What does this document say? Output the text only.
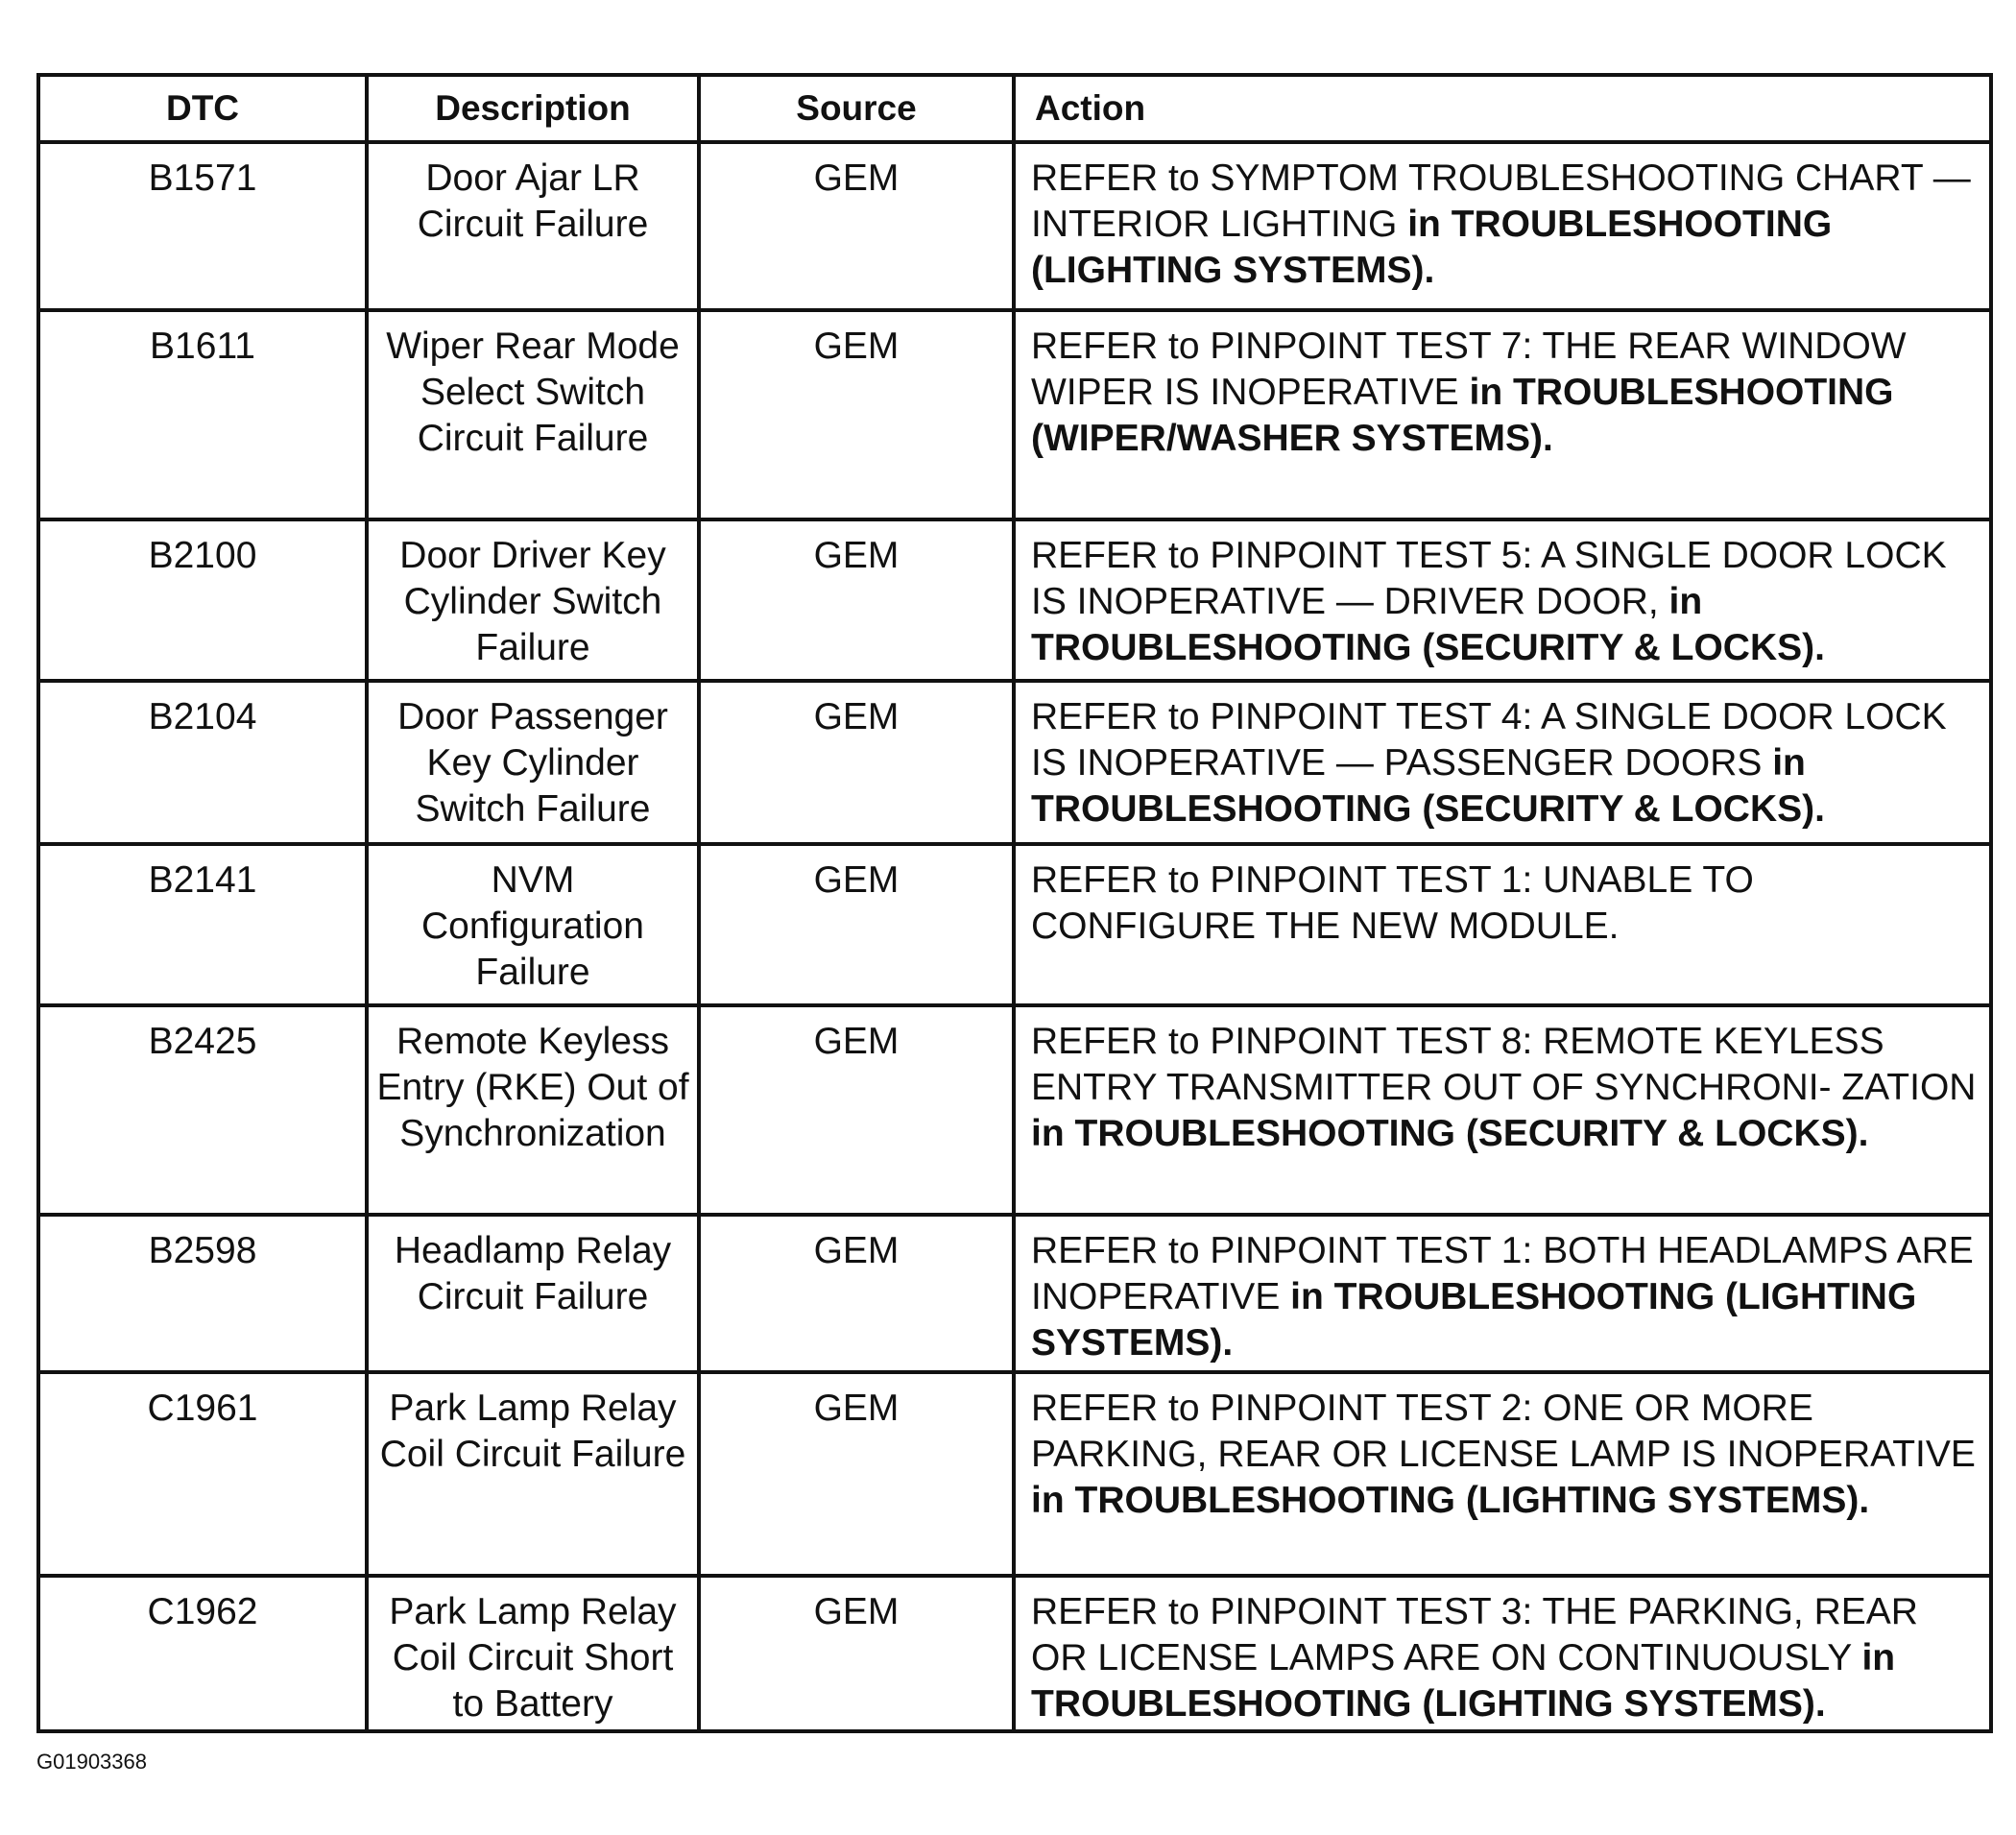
DTC	Description	Source	Action
B1571	Door Ajar LR Circuit Failure	GEM	REFER to SYMPTOM TROUBLESHOOTING CHART — INTERIOR LIGHTING in TROUBLESHOOTING (LIGHTING SYSTEMS).
B1611	Wiper Rear Mode Select Switch Circuit Failure	GEM	REFER to PINPOINT TEST 7: THE REAR WINDOW WIPER IS INOPERATIVE in TROUBLESHOOTING (WIPER/WASHER SYSTEMS).
B2100	Door Driver Key Cylinder Switch Failure	GEM	REFER to PINPOINT TEST 5: A SINGLE DOOR LOCK IS INOPERATIVE — DRIVER DOOR, in TROUBLESHOOTING (SECURITY & LOCKS).
B2104	Door Passenger Key Cylinder Switch Failure	GEM	REFER to PINPOINT TEST 4: A SINGLE DOOR LOCK IS INOPERATIVE — PASSENGER DOORS in TROUBLESHOOTING (SECURITY & LOCKS).
B2141	NVM Configuration Failure	GEM	REFER to PINPOINT TEST 1: UNABLE TO CONFIGURE THE NEW MODULE.
B2425	Remote Keyless Entry (RKE) Out of Synchronization	GEM	REFER to PINPOINT TEST 8: REMOTE KEYLESS ENTRY TRANSMITTER OUT OF SYNCHRONI- ZATION in TROUBLESHOOTING (SECURITY & LOCKS).
B2598	Headlamp Relay Circuit Failure	GEM	REFER to PINPOINT TEST 1: BOTH HEADLAMPS ARE INOPERATIVE in TROUBLESHOOTING (LIGHTING SYSTEMS).
C1961	Park Lamp Relay Coil Circuit Failure	GEM	REFER to PINPOINT TEST 2: ONE OR MORE PARKING, REAR OR LICENSE LAMP IS INOPERATIVE in TROUBLESHOOTING (LIGHTING SYSTEMS).
C1962	Park Lamp Relay Coil Circuit Short to Battery	GEM	REFER to PINPOINT TEST 3: THE PARKING, REAR OR LICENSE LAMPS ARE ON CONTINUOUSLY in TROUBLESHOOTING (LIGHTING SYSTEMS).
G01903368
